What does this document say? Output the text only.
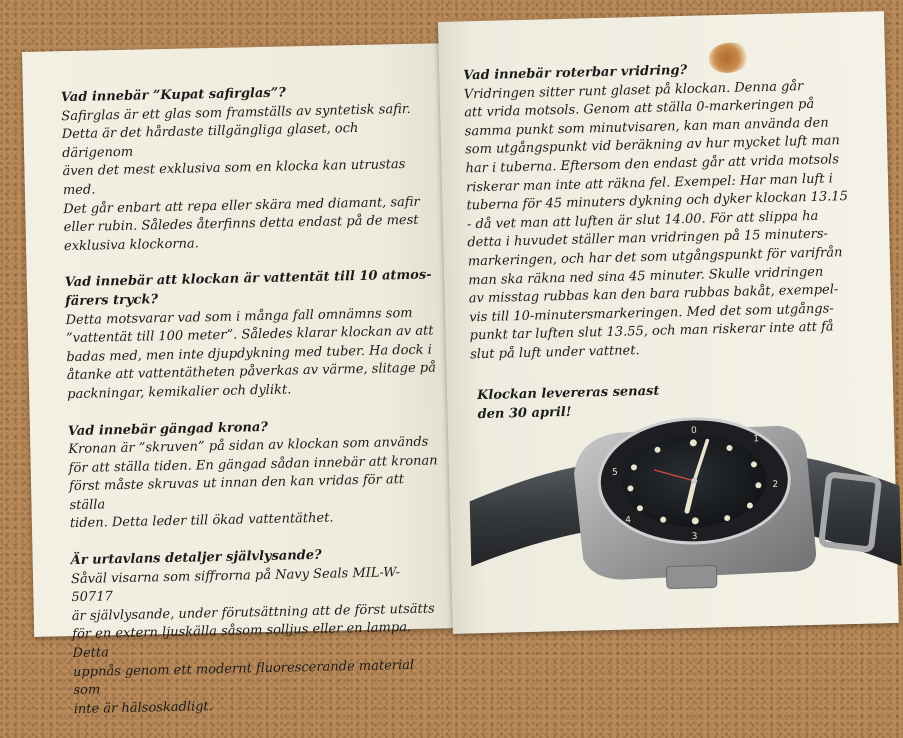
Vad innebär ”Kupat safirglas”?
Safirglas är ett glas som framställs av syntetisk safir.
Detta är det hårdaste tillgängliga glaset, och därigenom
även det mest exklusiva som en klocka kan utrustas med.
Det går enbart att repa eller skära med diamant, safir
eller rubin. Således återfinns detta endast på de mest
exklusiva klockorna.
Vad innebär att klockan är vattentät till 10 atmos-
färers tryck?
Detta motsvarar vad som i många fall omnämns som
”vattentät till 100 meter”. Således klarar klockan av att
badas med, men inte djupdykning med tuber. Ha dock i
åtanke att vattentätheten påverkas av värme, slitage på
packningar, kemikalier och dylikt.
Vad innebär gängad krona?
Kronan är ”skruven” på sidan av klockan som används
för att ställa tiden. En gängad sådan innebär att kronan
först måste skruvas ut innan den kan vridas för att ställa
tiden. Detta leder till ökad vattentäthet.
Är urtavlans detaljer självlysande?
Såväl visarna som siffrorna på Navy Seals MIL-W-50717
är självlysande, under förutsättning att de först utsätts
för en extern ljuskälla såsom solljus eller en lampa. Detta
uppnås genom ett modernt fluorescerande material som
inte är hälsoskadligt.
Vad innebär roterbar vridring?
Vridringen sitter runt glaset på klockan. Denna går
att vrida motsols. Genom att ställa 0-markeringen på
samma punkt som minutvisaren, kan man använda den
som utgångspunkt vid beräkning av hur mycket luft man
har i tuberna. Eftersom den endast går att vrida motsols
riskerar man inte att räkna fel. Exempel: Har man luft i
tuberna för 45 minuters dykning och dyker klockan 13.15
- då vet man att luften är slut 14.00. För att slippa ha
detta i huvudet ställer man vridringen på 15 minuters-
markeringen, och har det som utgångspunkt för varifrån
man ska räkna ned sina 45 minuter. Skulle vridringen
av misstag rubbas kan den bara rubbas bakåt, exempel-
vis till 10-minutersmarkeringen. Med det som utgångs-
punkt tar luften slut 13.55, och man riskerar inte att få
slut på luft under vattnet.
Klockan levereras senast
den 30 april!
0
1
2
3
4
5
